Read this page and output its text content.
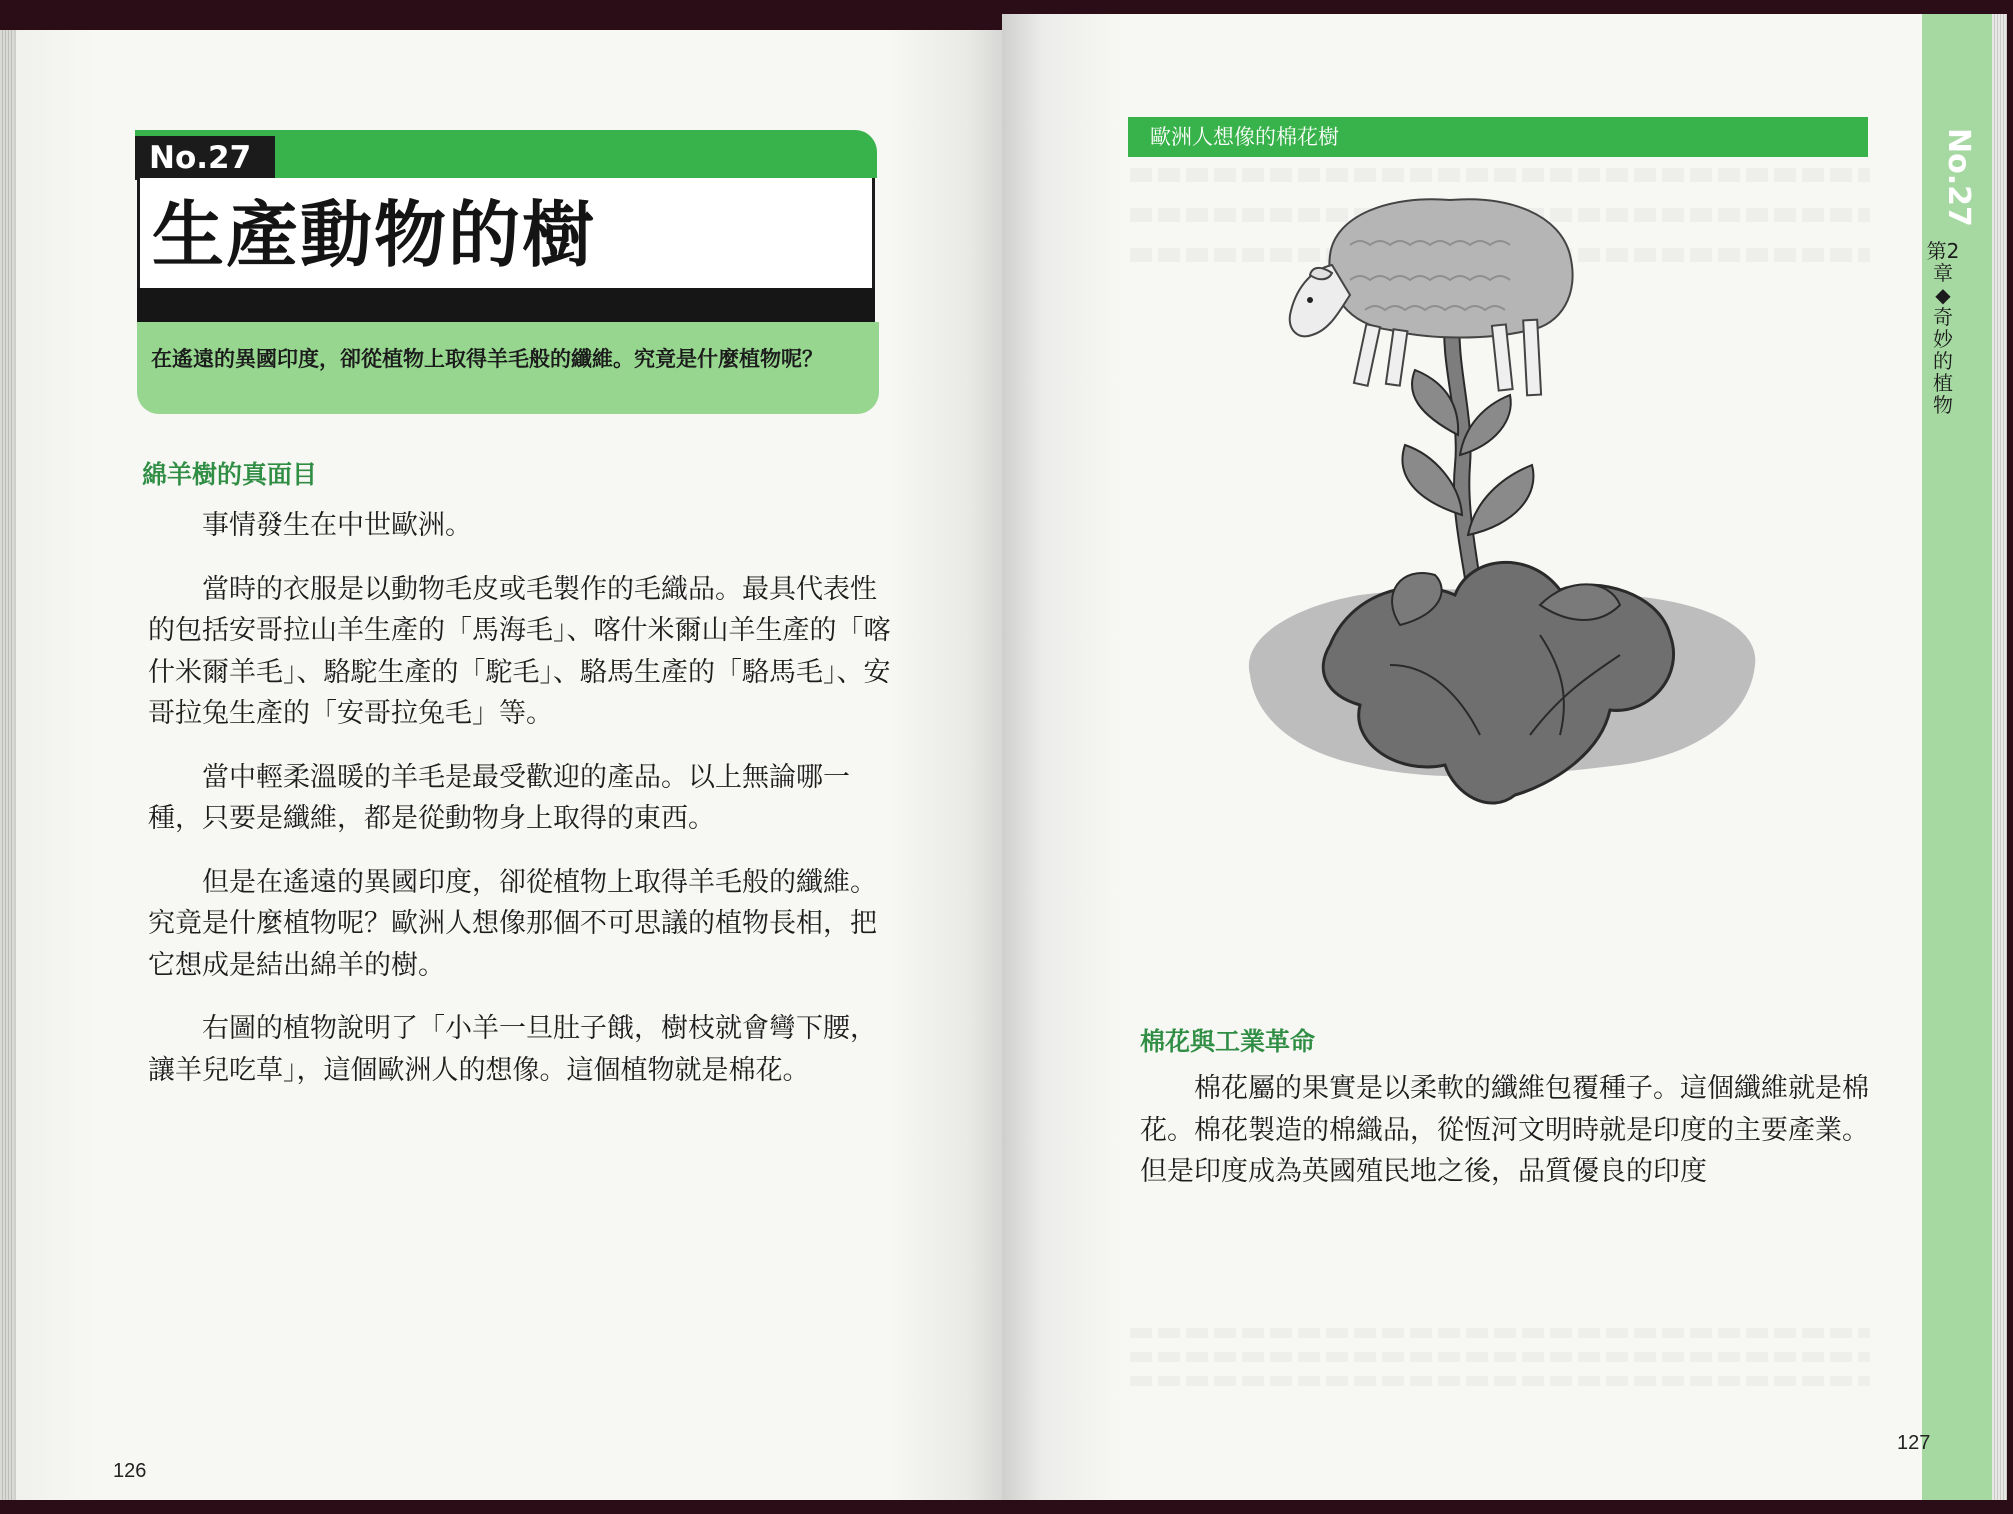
No.27
生產動物的樹

在遙遠的異國印度，卻從植物上取得羊毛般的纖維。究竟是什麼植物呢？

綿羊樹的真面目

事情發生在中世歐洲。

當時的衣服是以動物毛皮或毛製作的毛織品。最具代表性的包括安哥拉山羊生產的「馬海毛」、喀什米爾山羊生產的「喀什米爾羊毛」、駱駝生產的「駝毛」、駱馬生產的「駱馬毛」、安哥拉兔生產的「安哥拉兔毛」等。

當中輕柔溫暖的羊毛是最受歡迎的產品。以上無論哪一種，只要是纖維，都是從動物身上取得的東西。

但是在遙遠的異國印度，卻從植物上取得羊毛般的纖維。究竟是什麼植物呢？歐洲人想像那個不可思議的植物長相，把它想成是結出綿羊的樹。

右圖的植物說明了「小羊一旦肚子餓，樹枝就會彎下腰，讓羊兒吃草」，這個歐洲人的想像。這個植物就是棉花。

126
歐洲人想像的棉花樹
棉花與工業革命

棉花屬的果實是以柔軟的纖維包覆種子。這個纖維就是棉花。棉花製造的棉織品，從恆河文明時就是印度的主要產業。但是印度成為英國殖民地之後，品質優良的印度

127
No.27
第2章◆奇妙的植物
